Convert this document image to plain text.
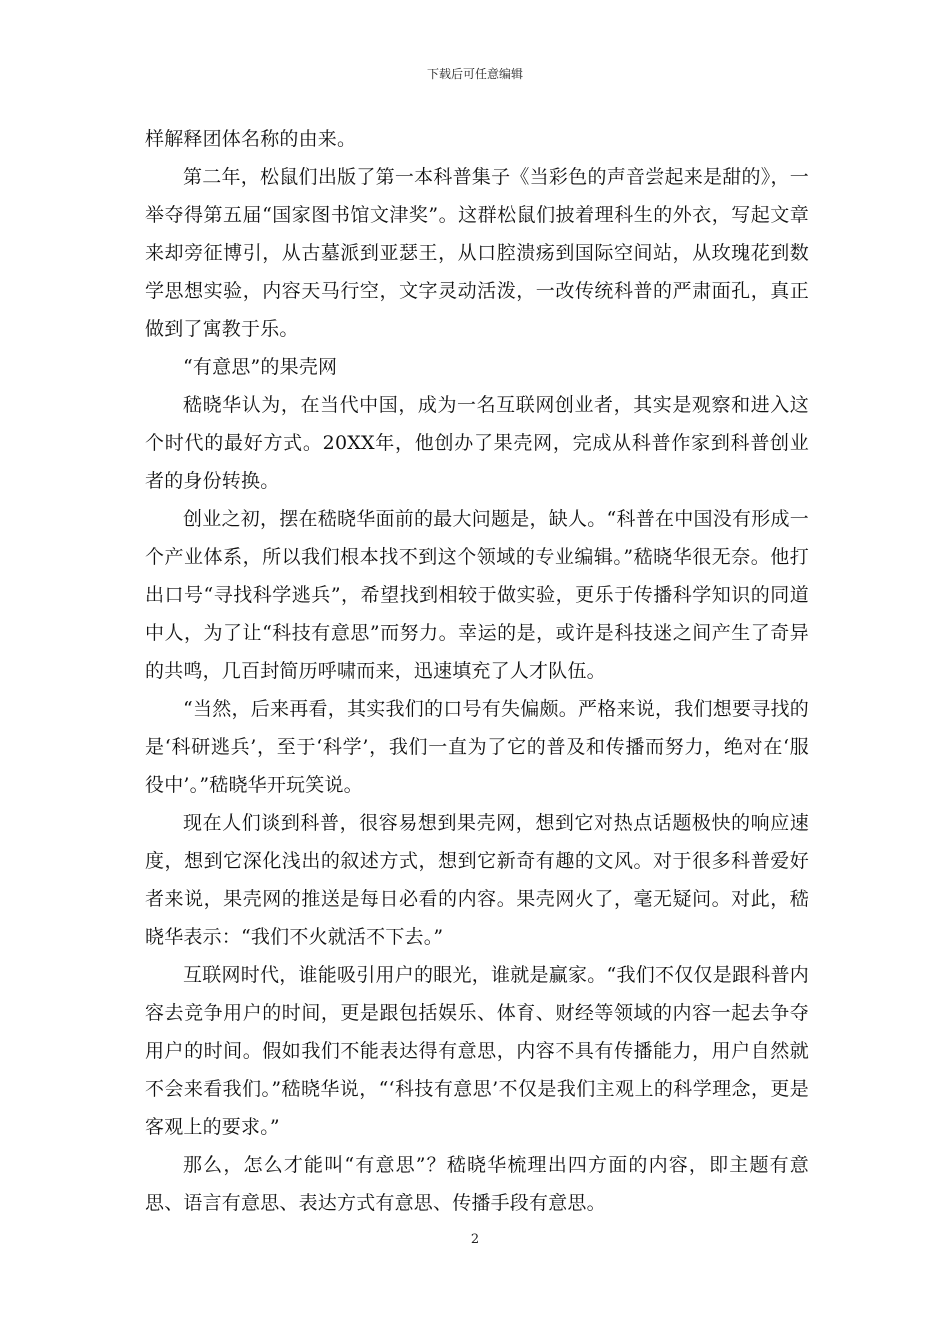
下载后可任意编辑

样解释团体名称的由来。

第二年，松鼠们出版了第一本科普集子《当彩色的声音尝起来是甜的》，一举夺得第五届“国家图书馆文津奖”。这群松鼠们披着理科生的外衣，写起文章来却旁征博引，从古墓派到亚瑟王，从口腔溃疡到国际空间站，从玫瑰花到数学思想实验，内容天马行空，文字灵动活泼，一改传统科普的严肃面孔，真正做到了寓教于乐。

“有意思”的果壳网

嵇晓华认为，在当代中国，成为一名互联网创业者，其实是观察和进入这个时代的最好方式。20XX年，他创办了果壳网，完成从科普作家到科普创业者的身份转换。

创业之初，摆在嵇晓华面前的最大问题是，缺人。“科普在中国没有形成一个产业体系，所以我们根本找不到这个领域的专业编辑。”嵇晓华很无奈。他打出口号“寻找科学逃兵”，希望找到相较于做实验，更乐于传播科学知识的同道中人，为了让“科技有意思”而努力。幸运的是，或许是科技迷之间产生了奇异的共鸣，几百封简历呼啸而来，迅速填充了人才队伍。

“当然，后来再看，其实我们的口号有失偏颇。严格来说，我们想要寻找的是‘科研逃兵’，至于‘科学’，我们一直为了它的普及和传播而努力，绝对在‘服役中’。”嵇晓华开玩笑说。

现在人们谈到科普，很容易想到果壳网，想到它对热点话题极快的响应速度，想到它深化浅出的叙述方式，想到它新奇有趣的文风。对于很多科普爱好者来说，果壳网的推送是每日必看的内容。果壳网火了，毫无疑问。对此，嵇晓华表示：“我们不火就活不下去。”

互联网时代，谁能吸引用户的眼光，谁就是赢家。“我们不仅仅是跟科普内容去竞争用户的时间，更是跟包括娱乐、体育、财经等领域的内容一起去争夺用户的时间。假如我们不能表达得有意思，内容不具有传播能力，用户自然就不会来看我们。”嵇晓华说，“‘科技有意思’不仅是我们主观上的科学理念，更是客观上的要求。”

那么，怎么才能叫“有意思”？嵇晓华梳理出四方面的内容，即主题有意思、语言有意思、表达方式有意思、传播手段有意思。

2
